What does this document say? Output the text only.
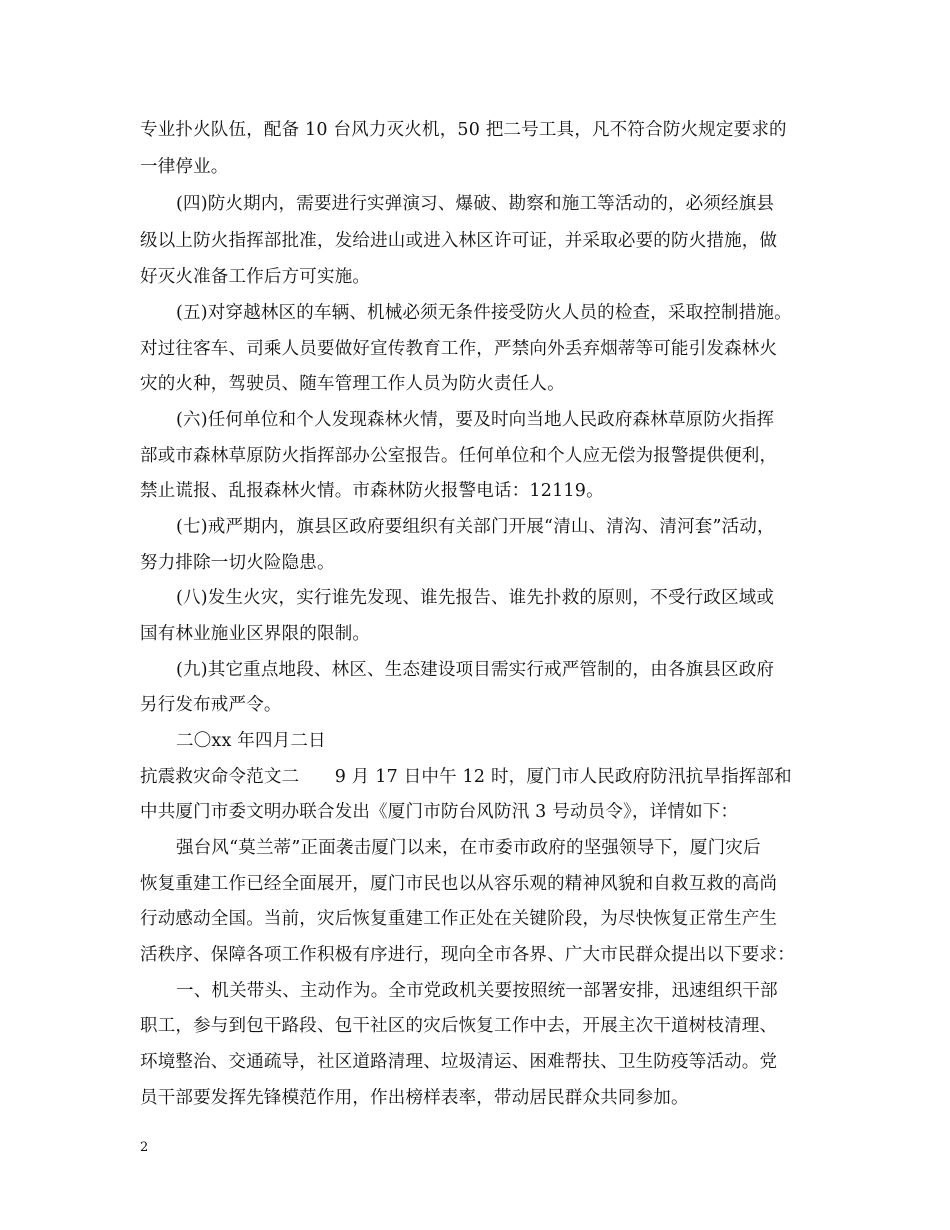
专业扑火队伍，配备 10 台风力灭火机，50 把二号工具，凡不符合防火规定要求的
一律停业。
(四)防火期内，需要进行实弹演习、爆破、勘察和施工等活动的，必须经旗县
级以上防火指挥部批准，发给进山或进入林区许可证，并采取必要的防火措施，做
好灭火准备工作后方可实施。
(五)对穿越林区的车辆、机械必须无条件接受防火人员的检查，采取控制措施。
对过往客车、司乘人员要做好宣传教育工作，严禁向外丢弃烟蒂等可能引发森林火
灾的火种，驾驶员、随车管理工作人员为防火责任人。
(六)任何单位和个人发现森林火情，要及时向当地人民政府森林草原防火指挥
部或市森林草原防火指挥部办公室报告。任何单位和个人应无偿为报警提供便利，
禁止谎报、乱报森林火情。市森林防火报警电话：12119。
(七)戒严期内，旗县区政府要组织有关部门开展“清山、清沟、清河套”活动，
努力排除一切火险隐患。
(八)发生火灾，实行谁先发现、谁先报告、谁先扑救的原则，不受行政区域或
国有林业施业区界限的限制。
(九)其它重点地段、林区、生态建设项目需实行戒严管制的，由各旗县区政府
另行发布戒严令。
二〇xx 年四月二日
抗震救灾命令范文二　　9 月 17 日中午 12 时，厦门市人民政府防汛抗旱指挥部和
中共厦门市委文明办联合发出《厦门市防台风防汛 3 号动员令》，详情如下：
强台风“莫兰蒂”正面袭击厦门以来，在市委市政府的坚强领导下，厦门灾后
恢复重建工作已经全面展开，厦门市民也以从容乐观的精神风貌和自救互救的高尚
行动感动全国。当前，灾后恢复重建工作正处在关键阶段，为尽快恢复正常生产生
活秩序、保障各项工作积极有序进行，现向全市各界、广大市民群众提出以下要求：
一、机关带头、主动作为。全市党政机关要按照统一部署安排，迅速组织干部
职工，参与到包干路段、包干社区的灾后恢复工作中去，开展主次干道树枝清理、
环境整治、交通疏导，社区道路清理、垃圾清运、困难帮扶、卫生防疫等活动。党
员干部要发挥先锋模范作用，作出榜样表率，带动居民群众共同参加。
2
